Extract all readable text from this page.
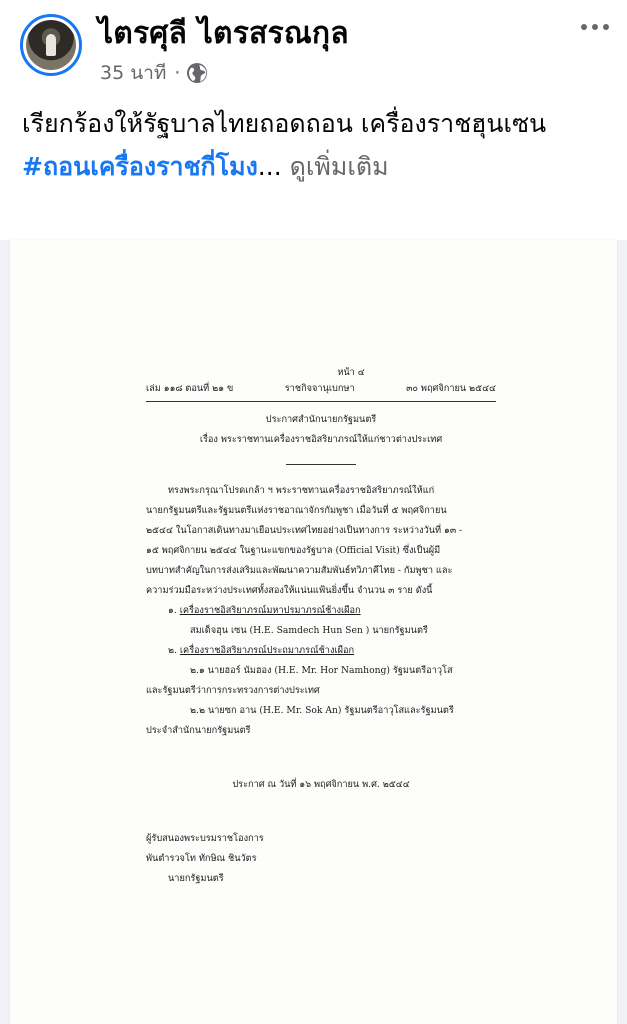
ไตรศุลี ไตรสรณกุล
35 นาที ·

เรียกร้องให้รัฐบาลไทยถอดถอน เครื่องราชฮุนเซน

#ถอนเครื่องราชกี่โมง... ดูเพิ่มเติม

หน้า ๔
เล่ม ๑๑๘ ตอนที่ ๒๑ ข	ราชกิจจานุเบกษา	๓๐ พฤศจิกายน ๒๕๔๔
ประกาศสำนักนายกรัฐมนตรี
เรื่อง พระราชทานเครื่องราชอิสริยาภรณ์ให้แก่ชาวต่างประเทศ

ทรงพระกรุณาโปรดเกล้า ฯ พระราชทานเครื่องราชอิสริยาภรณ์ให้แก่

นายกรัฐมนตรีและรัฐมนตรีแห่งราชอาณาจักรกัมพูชา เมื่อวันที่ ๕ พฤศจิกายน

๒๕๔๔ ในโอกาสเดินทางมาเยือนประเทศไทยอย่างเป็นทางการ ระหว่างวันที่ ๑๓ -

๑๕ พฤศจิกายน ๒๕๔๔ ในฐานะแขกของรัฐบาล (Official Visit) ซึ่งเป็นผู้มี

บทบาทสำคัญในการส่งเสริมและพัฒนาความสัมพันธ์ทวิภาคีไทย - กัมพูชา และ

ความร่วมมือระหว่างประเทศทั้งสองให้แน่นแฟ้นยิ่งขึ้น จำนวน ๓ ราย ดังนี้

๑. เครื่องราชอิสริยาภรณ์มหาปรมาภรณ์ช้างเผือก

สมเด็จฮุน เซน (H.E. Samdech Hun Sen ) นายกรัฐมนตรี

๒. เครื่องราชอิสริยาภรณ์ประถมาภรณ์ช้างเผือก

๒.๑ นายฮอร์ นัมฮอง (H.E. Mr. Hor Namhong) รัฐมนตรีอาวุโส

และรัฐมนตรีว่าการกระทรวงการต่างประเทศ

๒.๒ นายซก อาน (H.E. Mr. Sok An) รัฐมนตรีอาวุโสและรัฐมนตรี

ประจำสำนักนายกรัฐมนตรี

ประกาศ ณ วันที่ ๑๖ พฤศจิกายน พ.ศ. ๒๕๔๔

ผู้รับสนองพระบรมราชโองการ

พันตำรวจโท ทักษิณ ชินวัตร

นายกรัฐมนตรี
